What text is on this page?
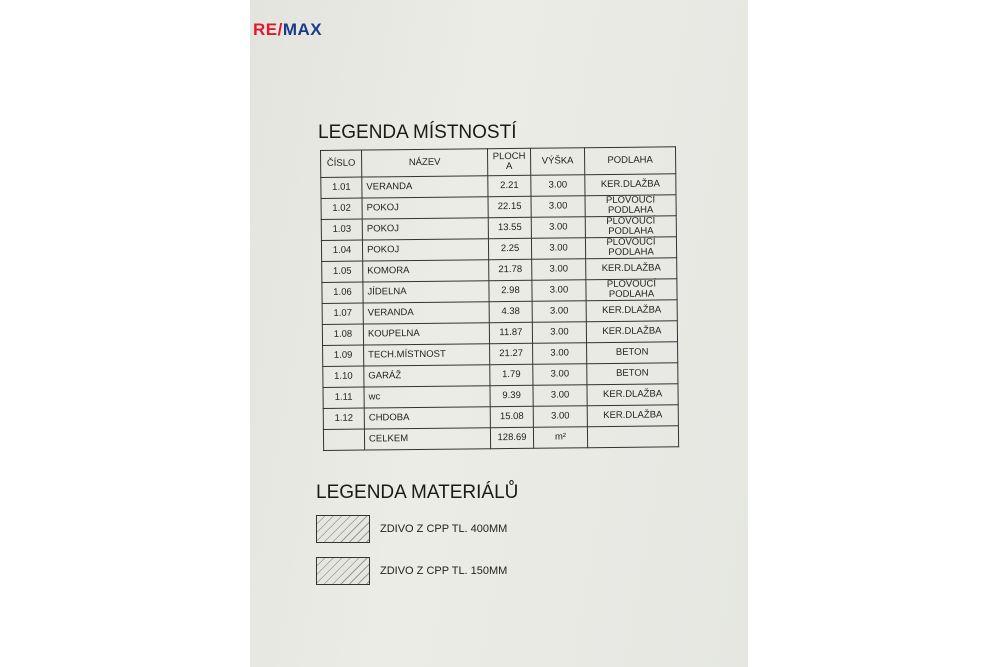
RE/MAX
LEGENDA MÍSTNOSTÍ
ČÍSLO	NÁZEV	PLOCH A	VÝŠKA	PODLAHA
1.01	VERANDA	2.21	3.00	KER.DLAŽBA
1.02	POKOJ	22.15	3.00	PLOVOUCÍ PODLAHA
1.03	POKOJ	13.55	3.00	PLOVOUCÍ PODLAHA
1.04	POKOJ	2.25	3.00	PLOVOUCÍ PODLAHA
1.05	KOMORA	21.78	3.00	KER.DLAŽBA
1.06	JÍDELNA	2.98	3.00	PLOVOUCÍ PODLAHA
1.07	VERANDA	4.38	3.00	KER.DLAŽBA
1.08	KOUPELNA	11.87	3.00	KER.DLAŽBA
1.09	TECH.MÍSTNOST	21.27	3.00	BETON
1.10	GARÁŽ	1.79	3.00	BETON
1.11	wc	9.39	3.00	KER.DLAŽBA
1.12	CHDOBA	15.08	3.00	KER.DLAŽBA
	CELKEM	128.69	m²	
LEGENDA MATERIÁLŮ
ZDIVO Z CPP TL. 400MM
ZDIVO Z CPP TL. 150MM
